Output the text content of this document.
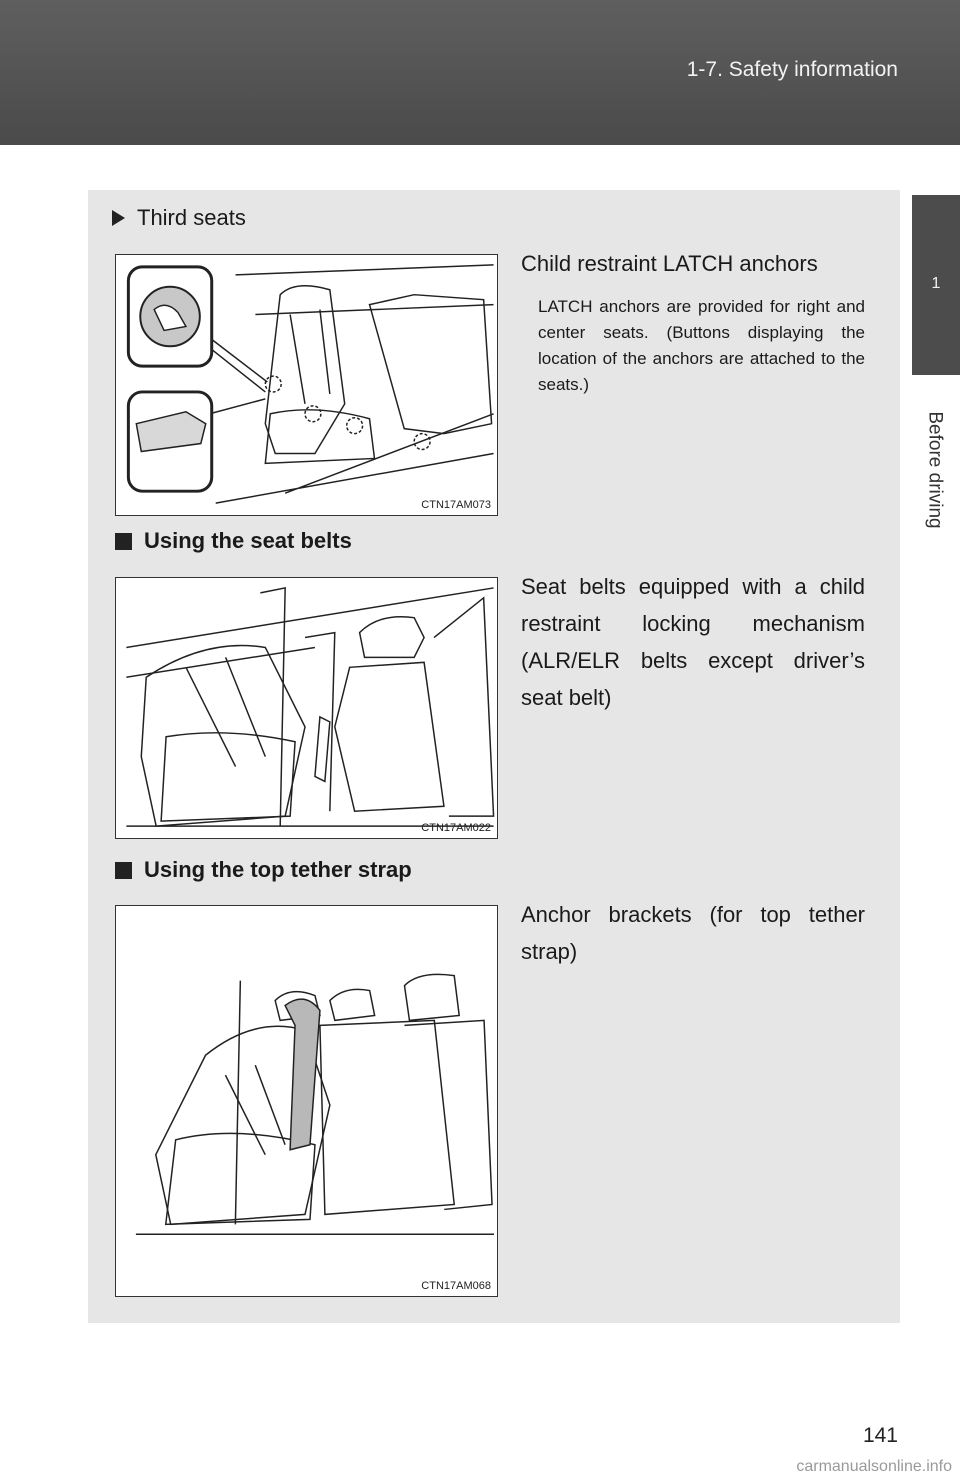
1-7. Safety information
1
Before driving
Third seats
CTN17AM073
Child restraint LATCH anchors
LATCH anchors are provided for right and center seats. (Buttons displaying the location of the anchors are attached to the seats.)
Using the seat belts
CTN17AM022
Seat belts equipped with a child restraint locking mechanism (ALR/ELR belts except driver’s seat belt)
Using the top tether strap
CTN17AM068
Anchor brackets (for top tether strap)
141
carmanualsonline.info
